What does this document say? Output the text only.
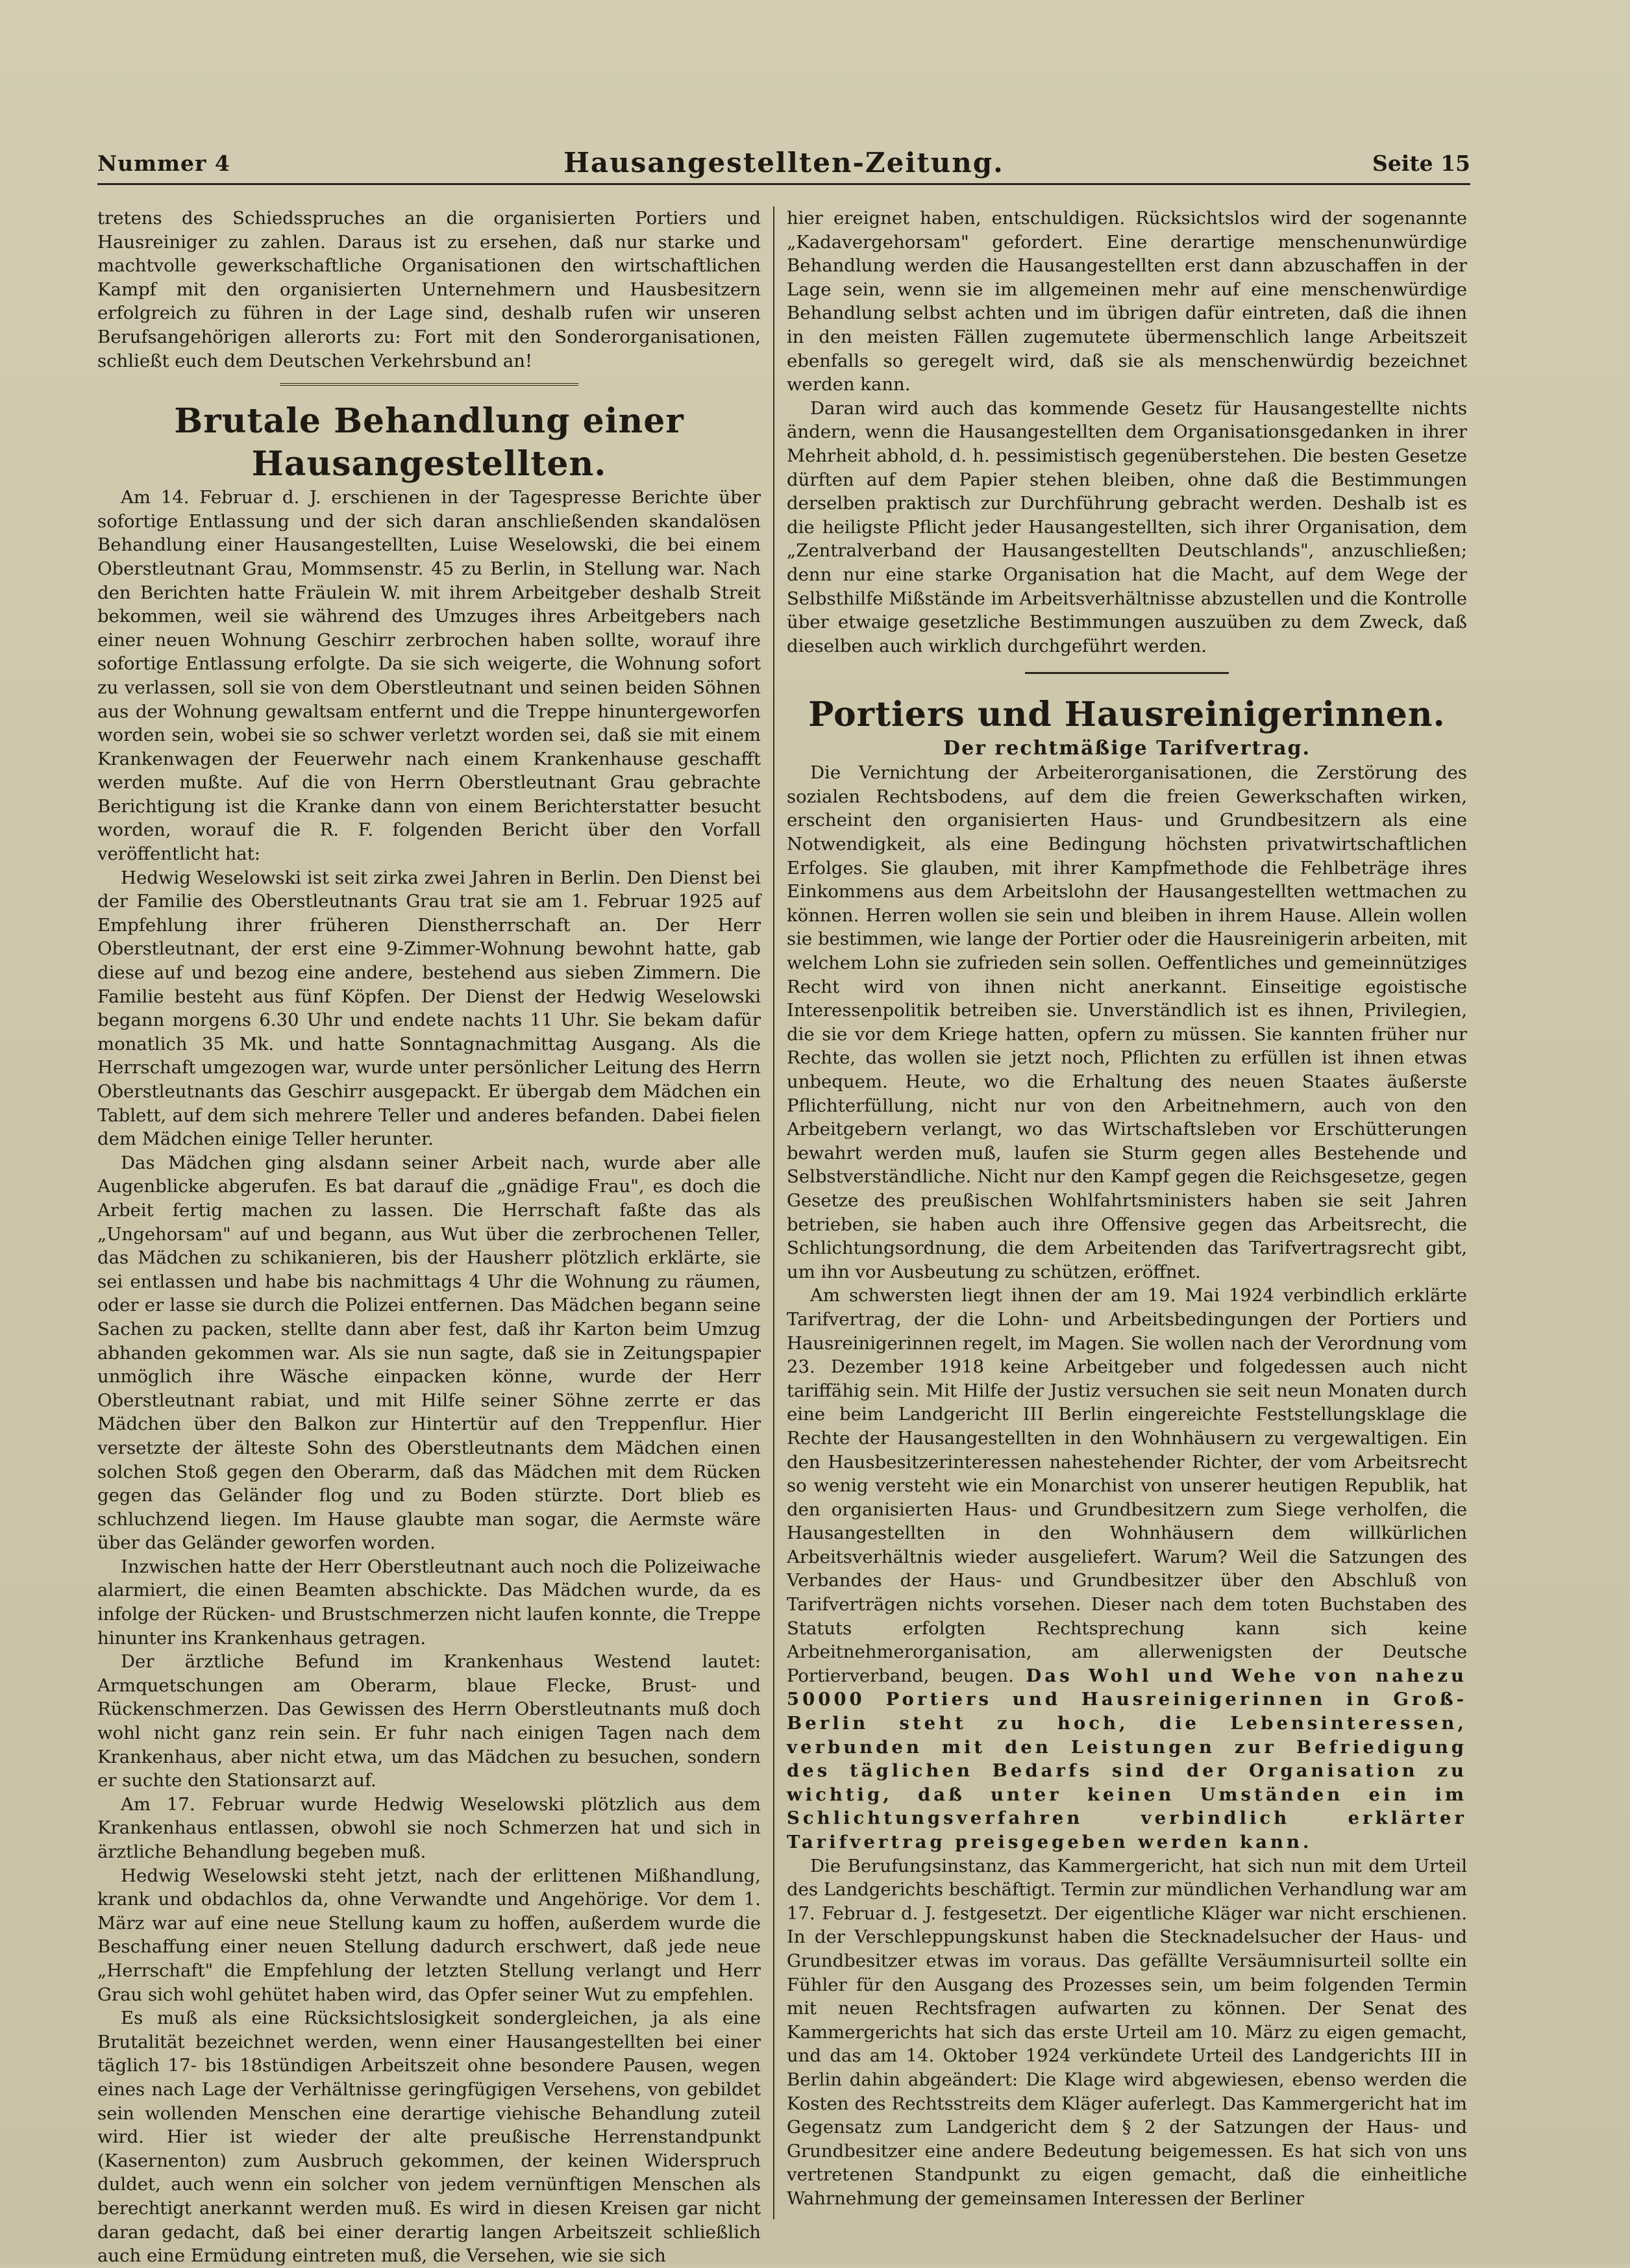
Nummer 4	Hausangestellten-Zeitung.	Seite 15

tretens des Schiedsspruches an die organisierten Portiers und Hausreiniger zu zahlen. Daraus ist zu ersehen, daß nur starke und machtvolle gewerkschaftliche Organisationen den wirtschaftlichen Kampf mit den organisierten Unternehmern und Hausbesitzern erfolgreich zu führen in der Lage sind, deshalb rufen wir unseren Berufsangehörigen allerorts zu: Fort mit den Sonderorganisationen, schließt euch dem Deutschen Verkehrsbund an!

Brutale Behandlung einer Hausangestellten.

Am 14. Februar d. J. erschienen in der Tagespresse Berichte über sofortige Entlassung und der sich daran anschließenden skandalösen Behandlung einer Hausangestellten, Luise Weselowski, die bei einem Oberstleutnant Grau, Mommsenstr. 45 zu Berlin, in Stellung war. Nach den Berichten hatte Fräulein W. mit ihrem Arbeitgeber deshalb Streit bekommen, weil sie während des Umzuges ihres Arbeitgebers nach einer neuen Wohnung Geschirr zerbrochen haben sollte, worauf ihre sofortige Entlassung erfolgte. Da sie sich weigerte, die Wohnung sofort zu verlassen, soll sie von dem Oberstleutnant und seinen beiden Söhnen aus der Wohnung gewaltsam entfernt und die Treppe hinuntergeworfen worden sein, wobei sie so schwer verletzt worden sei, daß sie mit einem Krankenwagen der Feuerwehr nach einem Krankenhause geschafft werden mußte. Auf die von Herrn Oberstleutnant Grau gebrachte Berichtigung ist die Kranke dann von einem Berichterstatter besucht worden, worauf die R. F. folgenden Bericht über den Vorfall veröffentlicht hat:

Hedwig Weselowski ist seit zirka zwei Jahren in Berlin. Den Dienst bei der Familie des Oberstleutnants Grau trat sie am 1. Februar 1925 auf Empfehlung ihrer früheren Dienstherrschaft an. Der Herr Oberstleutnant, der erst eine 9-Zimmer-Wohnung bewohnt hatte, gab diese auf und bezog eine andere, bestehend aus sieben Zimmern. Die Familie besteht aus fünf Köpfen. Der Dienst der Hedwig Weselowski begann morgens 6.30 Uhr und endete nachts 11 Uhr. Sie bekam dafür monatlich 35 Mk. und hatte Sonntagnachmittag Ausgang. Als die Herrschaft umgezogen war, wurde unter persönlicher Leitung des Herrn Oberstleutnants das Geschirr ausgepackt. Er übergab dem Mädchen ein Tablett, auf dem sich mehrere Teller und anderes befanden. Dabei fielen dem Mädchen einige Teller herunter.

Das Mädchen ging alsdann seiner Arbeit nach, wurde aber alle Augenblicke abgerufen. Es bat darauf die „gnädige Frau", es doch die Arbeit fertig machen zu lassen. Die Herrschaft faßte das als „Ungehorsam" auf und begann, aus Wut über die zerbrochenen Teller, das Mädchen zu schikanieren, bis der Hausherr plötzlich erklärte, sie sei entlassen und habe bis nachmittags 4 Uhr die Wohnung zu räumen, oder er lasse sie durch die Polizei entfernen. Das Mädchen begann seine Sachen zu packen, stellte dann aber fest, daß ihr Karton beim Umzug abhanden gekommen war. Als sie nun sagte, daß sie in Zeitungspapier unmöglich ihre Wäsche einpacken könne, wurde der Herr Oberstleutnant rabiat, und mit Hilfe seiner Söhne zerrte er das Mädchen über den Balkon zur Hintertür auf den Treppenflur. Hier versetzte der älteste Sohn des Oberstleutnants dem Mädchen einen solchen Stoß gegen den Oberarm, daß das Mädchen mit dem Rücken gegen das Geländer flog und zu Boden stürzte. Dort blieb es schluchzend liegen. Im Hause glaubte man sogar, die Aermste wäre über das Geländer geworfen worden.

Inzwischen hatte der Herr Oberstleutnant auch noch die Polizeiwache alarmiert, die einen Beamten abschickte. Das Mädchen wurde, da es infolge der Rücken- und Brustschmerzen nicht laufen konnte, die Treppe hinunter ins Krankenhaus getragen.

Der ärztliche Befund im Krankenhaus Westend lautet: Armquetschungen am Oberarm, blaue Flecke, Brust- und Rückenschmerzen. Das Gewissen des Herrn Oberstleutnants muß doch wohl nicht ganz rein sein. Er fuhr nach einigen Tagen nach dem Krankenhaus, aber nicht etwa, um das Mädchen zu besuchen, sondern er suchte den Stationsarzt auf.

Am 17. Februar wurde Hedwig Weselowski plötzlich aus dem Krankenhaus entlassen, obwohl sie noch Schmerzen hat und sich in ärztliche Behandlung begeben muß.

Hedwig Weselowski steht jetzt, nach der erlittenen Mißhandlung, krank und obdachlos da, ohne Verwandte und Angehörige. Vor dem 1. März war auf eine neue Stellung kaum zu hoffen, außerdem wurde die Beschaffung einer neuen Stellung dadurch erschwert, daß jede neue „Herrschaft" die Empfehlung der letzten Stellung verlangt und Herr Grau sich wohl gehütet haben wird, das Opfer seiner Wut zu empfehlen.

Es muß als eine Rücksichtslosigkeit sondergleichen, ja als eine Brutalität bezeichnet werden, wenn einer Hausangestellten bei einer täglich 17- bis 18stündigen Arbeitszeit ohne besondere Pausen, wegen eines nach Lage der Verhältnisse geringfügigen Versehens, von gebildet sein wollenden Menschen eine derartige viehische Behandlung zuteil wird. Hier ist wieder der alte preußische Herrenstandpunkt (Kasernenton) zum Ausbruch gekommen, der keinen Widerspruch duldet, auch wenn ein solcher von jedem vernünftigen Menschen als berechtigt anerkannt werden muß. Es wird in diesen Kreisen gar nicht daran gedacht, daß bei einer derartig langen Arbeitszeit schließlich auch eine Ermüdung eintreten muß, die Versehen, wie sie sich

hier ereignet haben, entschuldigen. Rücksichtslos wird der sogenannte „Kadavergehorsam" gefordert. Eine derartige menschenunwürdige Behandlung werden die Hausangestellten erst dann abzuschaffen in der Lage sein, wenn sie im allgemeinen mehr auf eine menschenwürdige Behandlung selbst achten und im übrigen dafür eintreten, daß die ihnen in den meisten Fällen zugemutete übermenschlich lange Arbeitszeit ebenfalls so geregelt wird, daß sie als menschenwürdig bezeichnet werden kann.

Daran wird auch das kommende Gesetz für Hausangestellte nichts ändern, wenn die Hausangestellten dem Organisationsgedanken in ihrer Mehrheit abhold, d. h. pessimistisch gegenüberstehen. Die besten Gesetze dürften auf dem Papier stehen bleiben, ohne daß die Bestimmungen derselben praktisch zur Durchführung gebracht werden. Deshalb ist es die heiligste Pflicht jeder Hausangestellten, sich ihrer Organisation, dem „Zentralverband der Hausangestellten Deutschlands", anzuschließen; denn nur eine starke Organisation hat die Macht, auf dem Wege der Selbsthilfe Mißstände im Arbeitsverhältnisse abzustellen und die Kontrolle über etwaige gesetzliche Bestimmungen auszuüben zu dem Zweck, daß dieselben auch wirklich durchgeführt werden.

Portiers und Hausreinigerinnen.
Der rechtmäßige Tarifvertrag.

Die Vernichtung der Arbeiterorganisationen, die Zerstörung des sozialen Rechtsbodens, auf dem die freien Gewerkschaften wirken, erscheint den organisierten Haus- und Grundbesitzern als eine Notwendigkeit, als eine Bedingung höchsten privatwirtschaftlichen Erfolges. Sie glauben, mit ihrer Kampfmethode die Fehlbeträge ihres Einkommens aus dem Arbeitslohn der Hausangestellten wettmachen zu können. Herren wollen sie sein und bleiben in ihrem Hause. Allein wollen sie bestimmen, wie lange der Portier oder die Hausreinigerin arbeiten, mit welchem Lohn sie zufrieden sein sollen. Oeffentliches und gemeinnütziges Recht wird von ihnen nicht anerkannt. Einseitige egoistische Interessenpolitik betreiben sie. Unverständlich ist es ihnen, Privilegien, die sie vor dem Kriege hatten, opfern zu müssen. Sie kannten früher nur Rechte, das wollen sie jetzt noch, Pflichten zu erfüllen ist ihnen etwas unbequem. Heute, wo die Erhaltung des neuen Staates äußerste Pflichterfüllung, nicht nur von den Arbeitnehmern, auch von den Arbeitgebern verlangt, wo das Wirtschaftsleben vor Erschütterungen bewahrt werden muß, laufen sie Sturm gegen alles Bestehende und Selbstverständliche. Nicht nur den Kampf gegen die Reichsgesetze, gegen Gesetze des preußischen Wohlfahrtsministers haben sie seit Jahren betrieben, sie haben auch ihre Offensive gegen das Arbeitsrecht, die Schlichtungsordnung, die dem Arbeitenden das Tarifvertragsrecht gibt, um ihn vor Ausbeutung zu schützen, eröffnet.

Am schwersten liegt ihnen der am 19. Mai 1924 verbindlich erklärte Tarifvertrag, der die Lohn- und Arbeitsbedingungen der Portiers und Hausreinigerinnen regelt, im Magen. Sie wollen nach der Verordnung vom 23. Dezember 1918 keine Arbeitgeber und folgedessen auch nicht tariffähig sein. Mit Hilfe der Justiz versuchen sie seit neun Monaten durch eine beim Landgericht III Berlin eingereichte Feststellungsklage die Rechte der Hausangestellten in den Wohnhäusern zu vergewaltigen. Ein den Hausbesitzerinteressen nahestehender Richter, der vom Arbeitsrecht so wenig versteht wie ein Monarchist von unserer heutigen Republik, hat den organisierten Haus- und Grundbesitzern zum Siege verholfen, die Hausangestellten in den Wohnhäusern dem willkürlichen Arbeitsverhältnis wieder ausgeliefert. Warum? Weil die Satzungen des Verbandes der Haus- und Grundbesitzer über den Abschluß von Tarifverträgen nichts vorsehen. Dieser nach dem toten Buchstaben des Statuts erfolgten Rechtsprechung kann sich keine Arbeitnehmerorganisation, am allerwenigsten der Deutsche Portierverband, beugen. Das Wohl und Wehe von nahezu 50000 Portiers und Hausreinigerinnen in Groß-Berlin steht zu hoch, die Lebensinteressen, verbunden mit den Leistungen zur Befriedigung des täglichen Bedarfs sind der Organisation zu wichtig, daß unter keinen Umständen ein im Schlichtungsverfahren verbindlich erklärter Tarifvertrag preisgegeben werden kann.

Die Berufungsinstanz, das Kammergericht, hat sich nun mit dem Urteil des Landgerichts beschäftigt. Termin zur mündlichen Verhandlung war am 17. Februar d. J. festgesetzt. Der eigentliche Kläger war nicht erschienen. In der Verschleppungskunst haben die Stecknadelsucher der Haus- und Grundbesitzer etwas im voraus. Das gefällte Versäumnisurteil sollte ein Fühler für den Ausgang des Prozesses sein, um beim folgenden Termin mit neuen Rechtsfragen aufwarten zu können. Der Senat des Kammergerichts hat sich das erste Urteil am 10. März zu eigen gemacht, und das am 14. Oktober 1924 verkündete Urteil des Landgerichts III in Berlin dahin abgeändert: Die Klage wird abgewiesen, ebenso werden die Kosten des Rechtsstreits dem Kläger auferlegt. Das Kammergericht hat im Gegensatz zum Landgericht dem § 2 der Satzungen der Haus- und Grundbesitzer eine andere Bedeutung beigemessen. Es hat sich von uns vertretenen Standpunkt zu eigen gemacht, daß die einheitliche Wahrnehmung der gemeinsamen Interessen der Berliner
